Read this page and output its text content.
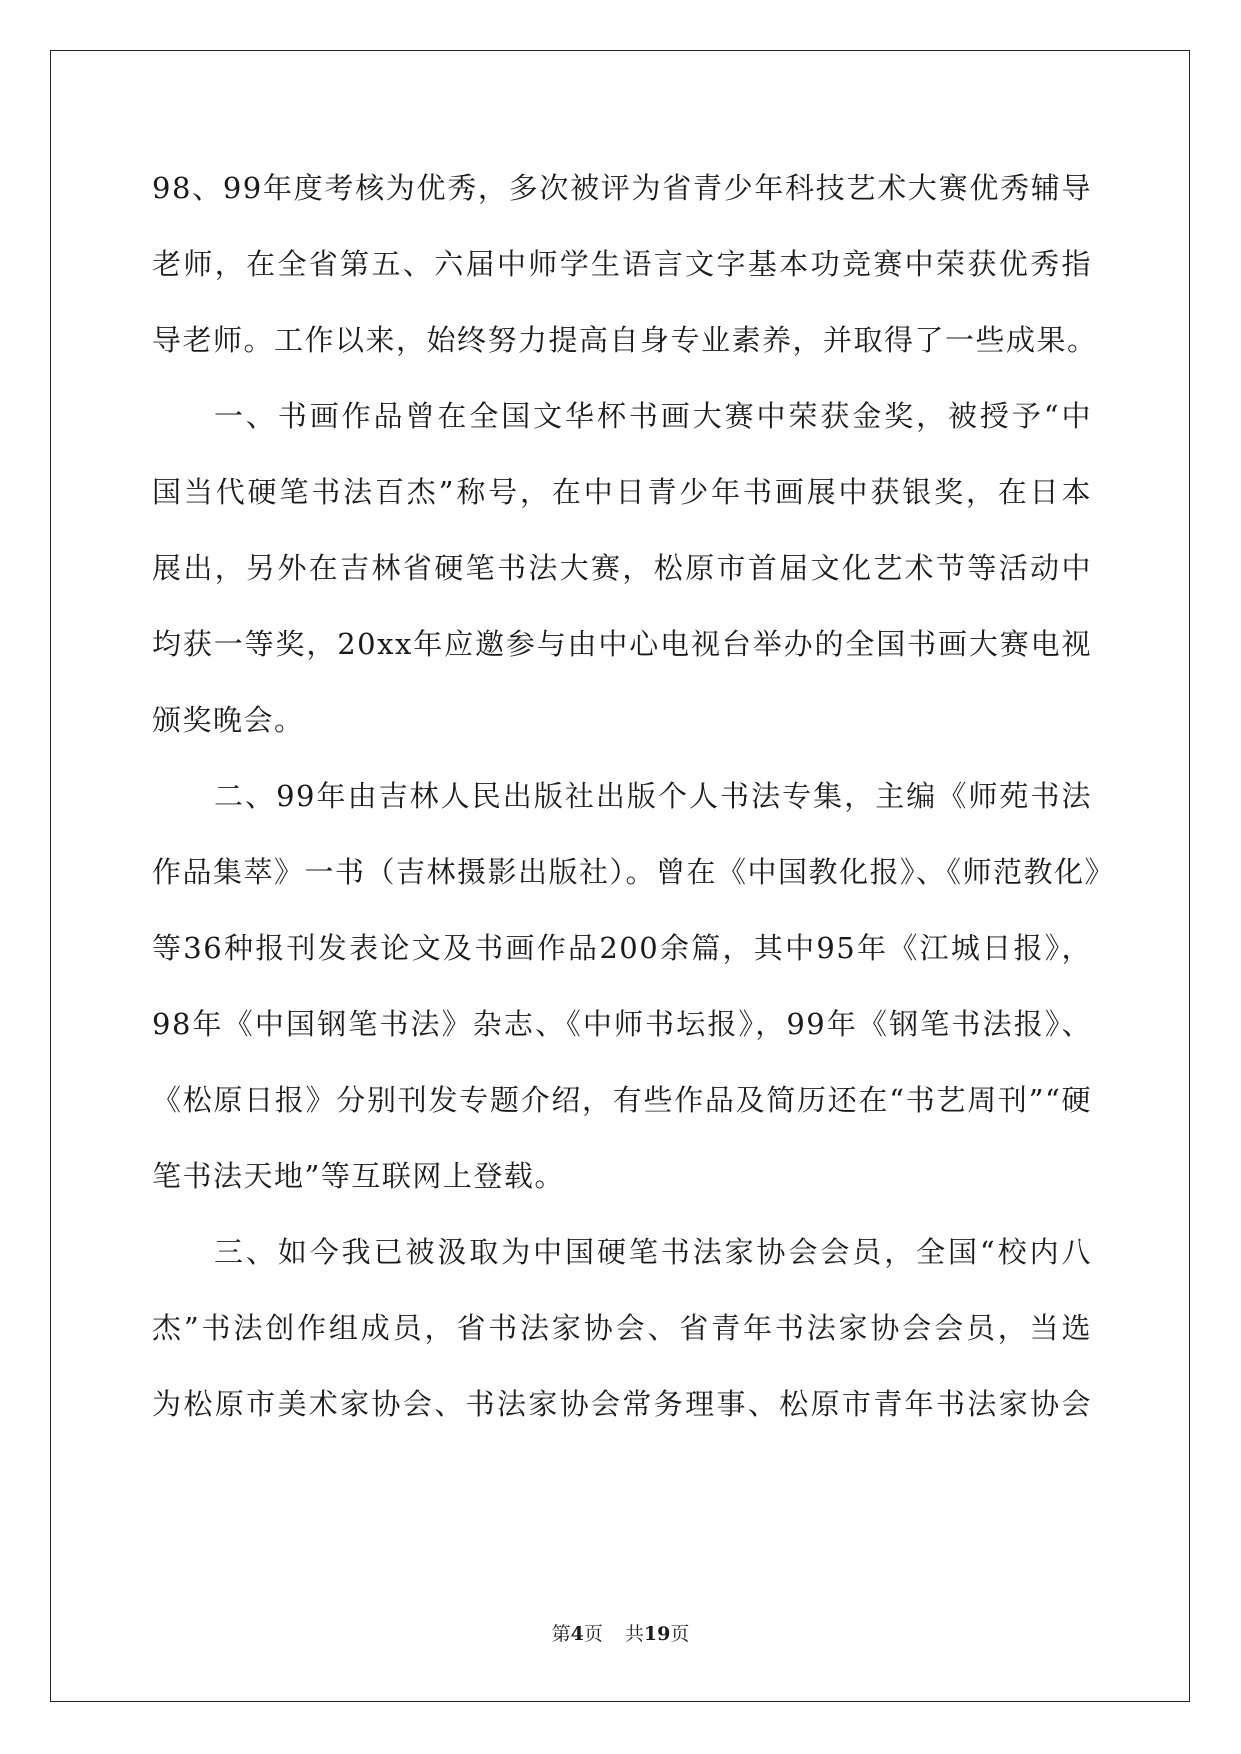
98、99年度考核为优秀，多次被评为省青少年科技艺术大赛优秀辅导
老师，在全省第五、六届中师学生语言文字基本功竞赛中荣获优秀指
导老师。工作以来，始终努力提高自身专业素养，并取得了一些成果。
一、书画作品曾在全国文华杯书画大赛中荣获金奖，被授予“中
国当代硬笔书法百杰”称号，在中日青少年书画展中获银奖，在日本
展出，另外在吉林省硬笔书法大赛，松原市首届文化艺术节等活动中
均获一等奖，20xx年应邀参与由中心电视台举办的全国书画大赛电视
颁奖晚会。
二、99年由吉林人民出版社出版个人书法专集，主编《师苑书法
作品集萃》一书（吉林摄影出版社）。曾在《中国教化报》、《师范教化》
等36种报刊发表论文及书画作品200余篇，其中95年《江城日报》，
98年《中国钢笔书法》杂志、《中师书坛报》，99年《钢笔书法报》、
《松原日报》分别刊发专题介绍，有些作品及简历还在“书艺周刊”“硬
笔书法天地”等互联网上登载。
三、如今我已被汲取为中国硬笔书法家协会会员，全国“校内八
杰”书法创作组成员，省书法家协会、省青年书法家协会会员，当选
为松原市美术家协会、书法家协会常务理事、松原市青年书法家协会
第4页 共19页
